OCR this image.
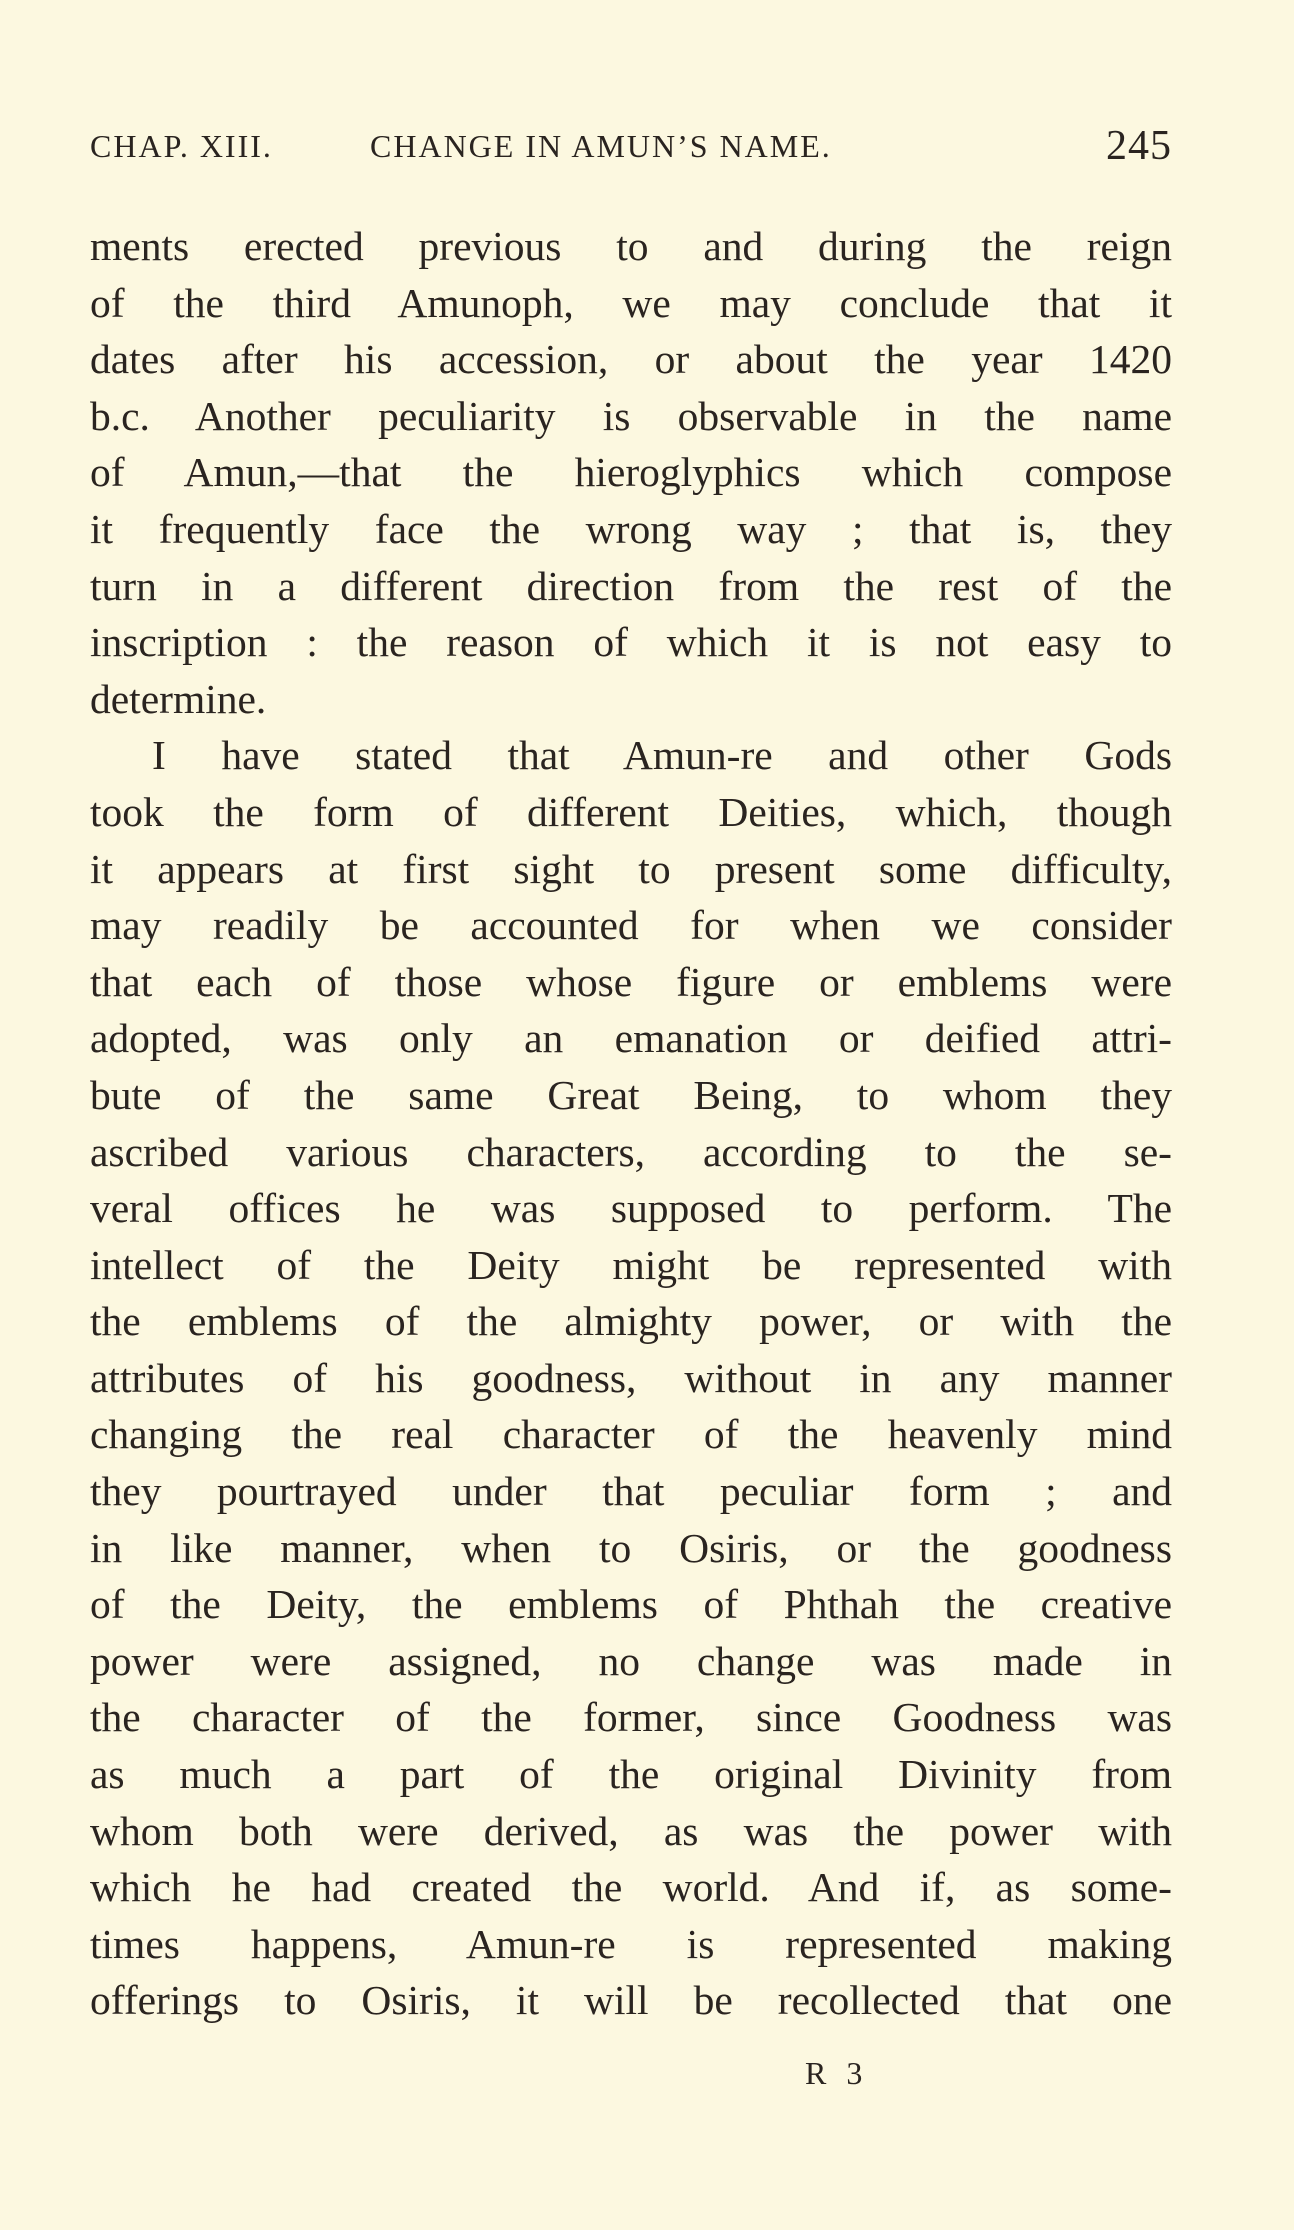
CHAP. XIII.	CHANGE IN AMUN’S NAME.	245
ments erected previous to and during the reign
of the third Amunoph, we may conclude that it
dates after his accession, or about the year 1420
b.c. Another peculiarity is observable in the name
of Amun,—that the hieroglyphics which compose
it frequently face the wrong way ; that is, they
turn in a different direction from the rest of the
inscription : the reason of which it is not easy to
determine.
I have stated that Amun-re and other Gods
took the form of different Deities, which, though
it appears at first sight to present some difficulty,
may readily be accounted for when we consider
that each of those whose figure or emblems were
adopted, was only an emanation or deified attri-
bute of the same Great Being, to whom they
ascribed various characters, according to the se-
veral offices he was supposed to perform. The
intellect of the Deity might be represented with
the emblems of the almighty power, or with the
attributes of his goodness, without in any manner
changing the real character of the heavenly mind
they pourtrayed under that peculiar form ; and
in like manner, when to Osiris, or the goodness
of the Deity, the emblems of Phthah the creative
power were assigned, no change was made in
the character of the former, since Goodness was
as much a part of the original Divinity from
whom both were derived, as was the power with
which he had created the world. And if, as some-
times happens, Amun-re is represented making
offerings to Osiris, it will be recollected that one
R 3
